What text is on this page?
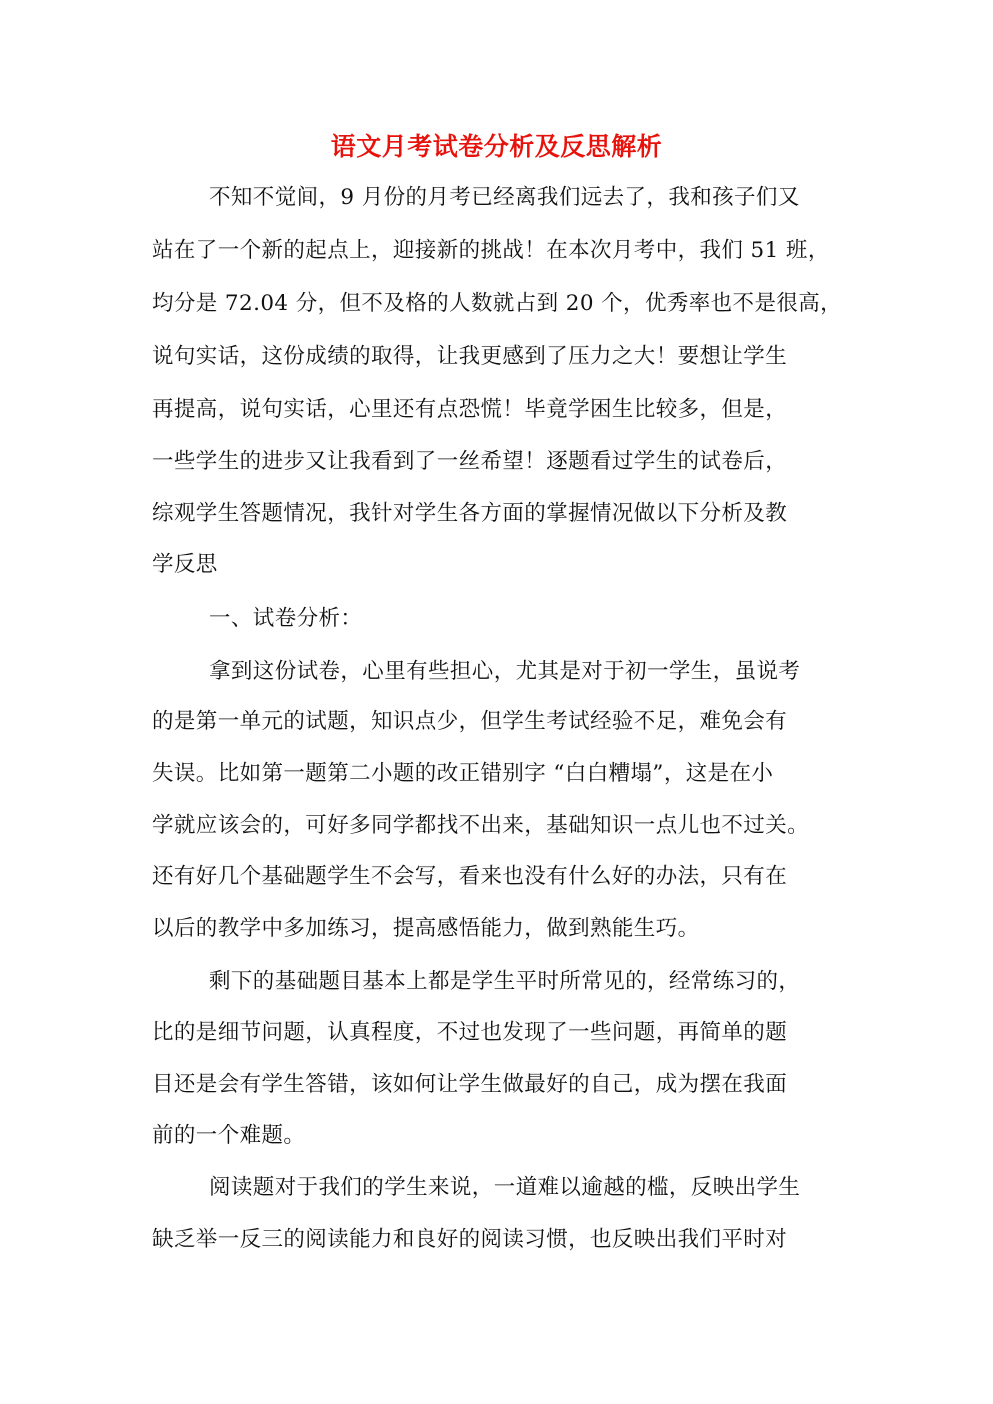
语文月考试卷分析及反思解析

不知不觉间，9 月份的月考已经离我们远去了，我和孩子们又

站在了一个新的起点上，迎接新的挑战！在本次月考中，我们 51 班，

均分是 72.04 分，但不及格的人数就占到 20 个，优秀率也不是很高，

说句实话，这份成绩的取得，让我更感到了压力之大！要想让学生

再提高，说句实话，心里还有点恐慌！毕竟学困生比较多，但是，

一些学生的进步又让我看到了一丝希望！逐题看过学生的试卷后，

综观学生答题情况，我针对学生各方面的掌握情况做以下分析及教

学反思

一、试卷分析：

拿到这份试卷，心里有些担心，尤其是对于初一学生，虽说考

的是第一单元的试题，知识点少，但学生考试经验不足，难免会有

失误。比如第一题第二小题的改正错别字 “白白糟塌”，这是在小

学就应该会的，可好多同学都找不出来，基础知识一点儿也不过关。

还有好几个基础题学生不会写，看来也没有什么好的办法，只有在

以后的教学中多加练习，提高感悟能力，做到熟能生巧。

剩下的基础题目基本上都是学生平时所常见的，经常练习的，

比的是细节问题，认真程度，不过也发现了一些问题，再简单的题

目还是会有学生答错，该如何让学生做最好的自己，成为摆在我面

前的一个难题。

阅读题对于我们的学生来说，一道难以逾越的槛，反映出学生

缺乏举一反三的阅读能力和良好的阅读习惯，也反映出我们平时对
